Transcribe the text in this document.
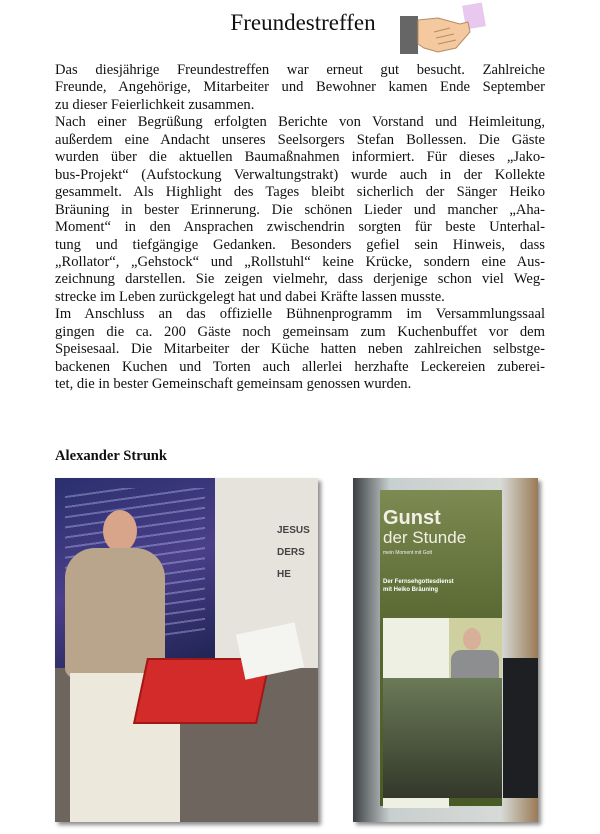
Freundestreffen
Das diesjährige Freundestreffen war erneut gut besucht. Zahlreiche
Freunde, Angehörige, Mitarbeiter und Bewohner kamen Ende September
zu dieser Feierlichkeit zusammen.
Nach einer Begrüßung erfolgten Berichte von Vorstand und Heimleitung,
außerdem eine Andacht unseres Seelsorgers Stefan Bollessen. Die Gäste
wurden über die aktuellen Baumaßnahmen informiert. Für dieses „Jako-
bus-Projekt“ (Aufstockung Verwaltungstrakt) wurde auch in der Kollekte
gesammelt. Als Highlight des Tages bleibt sicherlich der Sänger Heiko
Bräuning in bester Erinnerung. Die schönen Lieder und mancher „Aha-
Moment“ in den Ansprachen zwischendrin sorgten für beste Unterhal-
tung und tiefgängige Gedanken. Besonders gefiel sein Hinweis, dass
„Rollator“, „Gehstock“ und „Rollstuhl“ keine Krücke, sondern eine Aus-
zeichnung darstellen. Sie zeigen vielmehr, dass derjenige schon viel Weg-
strecke im Leben zurückgelegt hat und dabei Kräfte lassen musste.
Im Anschluss an das offizielle Bühnenprogramm im Versammlungssaal
gingen die ca. 200 Gäste noch gemeinsam zum Kuchenbuffet vor dem
Speisesaal. Die Mitarbeiter der Küche hatten neben zahlreichen selbstge-
backenen Kuchen und Torten auch allerlei herzhafte Leckereien zuberei-
tet, die in bester Gemeinschaft gemeinsam genossen wurden.
Alexander Strunk
JESUS
DERS
HE
Gunst
der Stunde
mein Moment mit Gott
Der Fernsehgottesdienst
mit Heiko Bräuning
